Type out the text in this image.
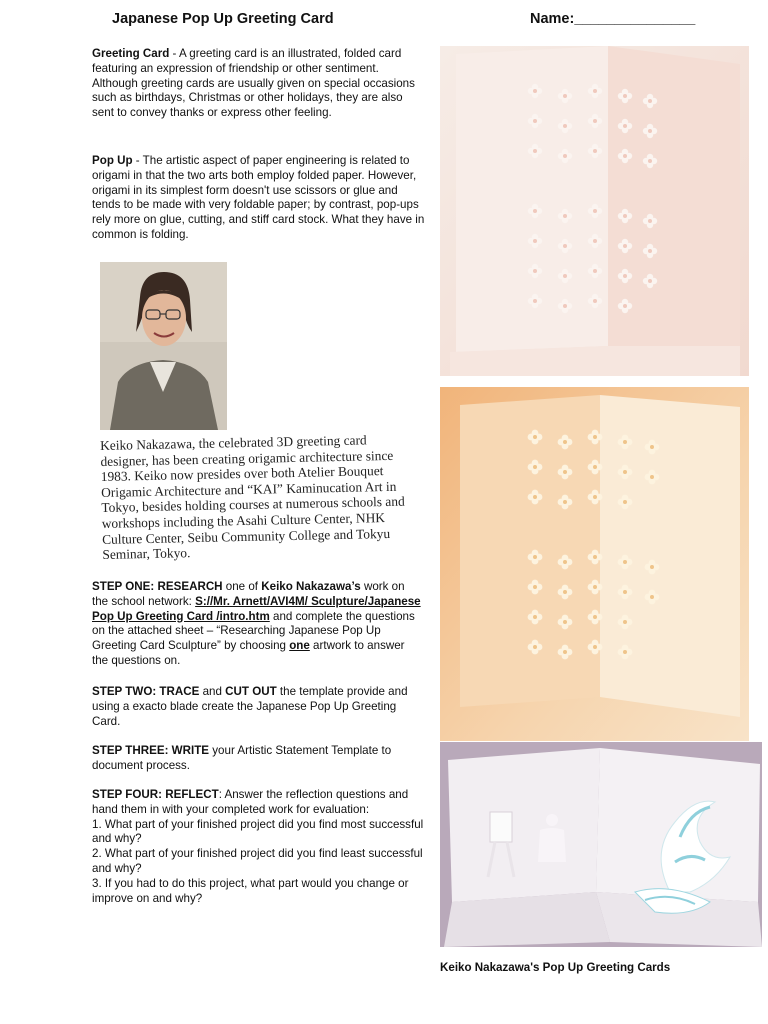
Japanese Pop Up Greeting Card	Name:_______________
Greeting Card - A greeting card is an illustrated, folded card featuring an expression of friendship or other sentiment. Although greeting cards are usually given on special occasions such as birthdays, Christmas or other holidays, they are also sent to convey thanks or express other feeling.
Pop Up - The artistic aspect of paper engineering is related to origami in that the two arts both employ folded paper. However, origami in its simplest form doesn't use scissors or glue and tends to be made with very foldable paper; by contrast, pop-ups rely more on glue, cutting, and stiff card stock. What they have in common is folding.
Keiko Nakazawa, the celebrated 3D greeting card designer, has been creating origamic architecture since 1983. Keiko now presides over both Atelier Bouquet Origamic Architecture and “KAI” Kaminucation Art in Tokyo, besides holding courses at numerous schools and workshops including the Asahi Culture Center, NHK Culture Center, Seibu Community College and Tokyu Seminar, Tokyo.
STEP ONE: RESEARCH one of Keiko Nakazawa’s work on the school network: S://Mr. Arnett/AVI4M/ Sculpture/Japanese Pop Up Greeting Card /intro.htm and complete the questions on the attached sheet – “Researching Japanese Pop Up Greeting Card Sculpture” by choosing one artwork to answer the questions on.
STEP TWO: TRACE and CUT OUT the template provide and using a exacto blade create the Japanese Pop Up Greeting Card.
STEP THREE: WRITE your Artistic Statement Template to document process.
STEP FOUR: REFLECT: Answer the reflection questions and hand them in with your completed work for evaluation:
1. What part of your finished project did you find most successful and why?
2. What part of your finished project did you find least successful and why?
3. If you had to do this project, what part would you change or improve on and why?
Keiko Nakazawa's Pop Up Greeting Cards
